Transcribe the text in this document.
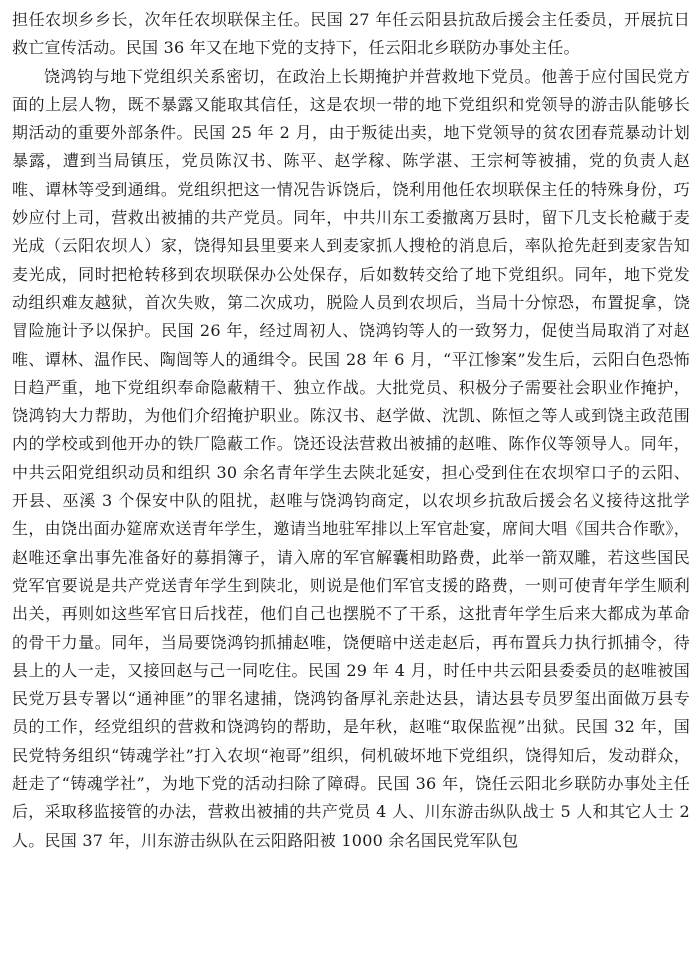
担任农坝乡乡长，次年任农坝联保主任。民国 27 年任云阳县抗敌后援会主任委员，开展抗日救亡宣传活动。民国 36 年又在地下党的支持下，任云阳北乡联防办事处主任。

饶鸿钧与地下党组织关系密切，在政治上长期掩护并营救地下党员。他善于应付国民党方面的上层人物，既不暴露又能取其信任，这是农坝一带的地下党组织和党领导的游击队能够长期活动的重要外部条件。民国 25 年 2 月，由于叛徒出卖，地下党领导的贫农团春荒暴动计划暴露，遭到当局镇压，党员陈汉书、陈平、赵学稼、陈学湛、王宗柯等被捕，党的负责人赵唯、谭林等受到通缉。党组织把这一情况告诉饶后，饶利用他任农坝联保主任的特殊身份，巧妙应付上司，营救出被捕的共产党员。同年，中共川东工委撤离万县时，留下几支长枪藏于麦光成（云阳农坝人）家，饶得知县里要来人到麦家抓人搜枪的消息后，率队抢先赶到麦家告知麦光成，同时把枪转移到农坝联保办公处保存，后如数转交给了地下党组织。同年，地下党发动组织难友越狱，首次失败，第二次成功，脱险人员到农坝后，当局十分惊恐，布置捉拿，饶冒险施计予以保护。民国 26 年，经过周初人、饶鸿钧等人的一致努力，促使当局取消了对赵唯、谭林、温作民、陶闿等人的通缉令。民国 28 年 6 月，“平江惨案”发生后，云阳白色恐怖日趋严重，地下党组织奉命隐蔽精干、独立作战。大批党员、积极分子需要社会职业作掩护，饶鸿钧大力帮助，为他们介绍掩护职业。陈汉书、赵学做、沈凯、陈恒之等人或到饶主政范围内的学校或到他开办的铁厂隐蔽工作。饶还设法营救出被捕的赵唯、陈作仪等领导人。同年，中共云阳党组织动员和组织 30 余名青年学生去陕北延安，担心受到住在农坝窄口子的云阳、开县、巫溪 3 个保安中队的阻扰，赵唯与饶鸿钧商定，以农坝乡抗敌后援会名义接待这批学生，由饶出面办筵席欢送青年学生，邀请当地驻军排以上军官赴宴，席间大唱《国共合作歌》，赵唯还拿出事先准备好的募捐簿子，请入席的军官解囊相助路费，此举一箭双雕，若这些国民党军官要说是共产党送青年学生到陕北，则说是他们军官支援的路费，一则可使青年学生顺利出关，再则如这些军官日后找茬，他们自己也摆脱不了干系，这批青年学生后来大都成为革命的骨干力量。同年，当局要饶鸿钧抓捕赵唯，饶便暗中送走赵后，再布置兵力执行抓捕令，待县上的人一走，又接回赵与己一同吃住。民国 29 年 4 月，时任中共云阳县委委员的赵唯被国民党万县专署以“通神匪”的罪名逮捕，饶鸿钧备厚礼亲赴达县，请达县专员罗玺出面做万县专员的工作，经党组织的营救和饶鸿钧的帮助，是年秋，赵唯“取保监视”出狱。民国 32 年，国民党特务组织“铸魂学社”打入农坝“袍哥”组织，伺机破坏地下党组织，饶得知后，发动群众，赶走了“铸魂学社”，为地下党的活动扫除了障碍。民国 36 年，饶任云阳北乡联防办事处主任后，采取移监接管的办法，营救出被捕的共产党员 4 人、川东游击纵队战士 5 人和其它人士 2 人。民国 37 年，川东游击纵队在云阳路阳被 1000 余名国民党军队包
